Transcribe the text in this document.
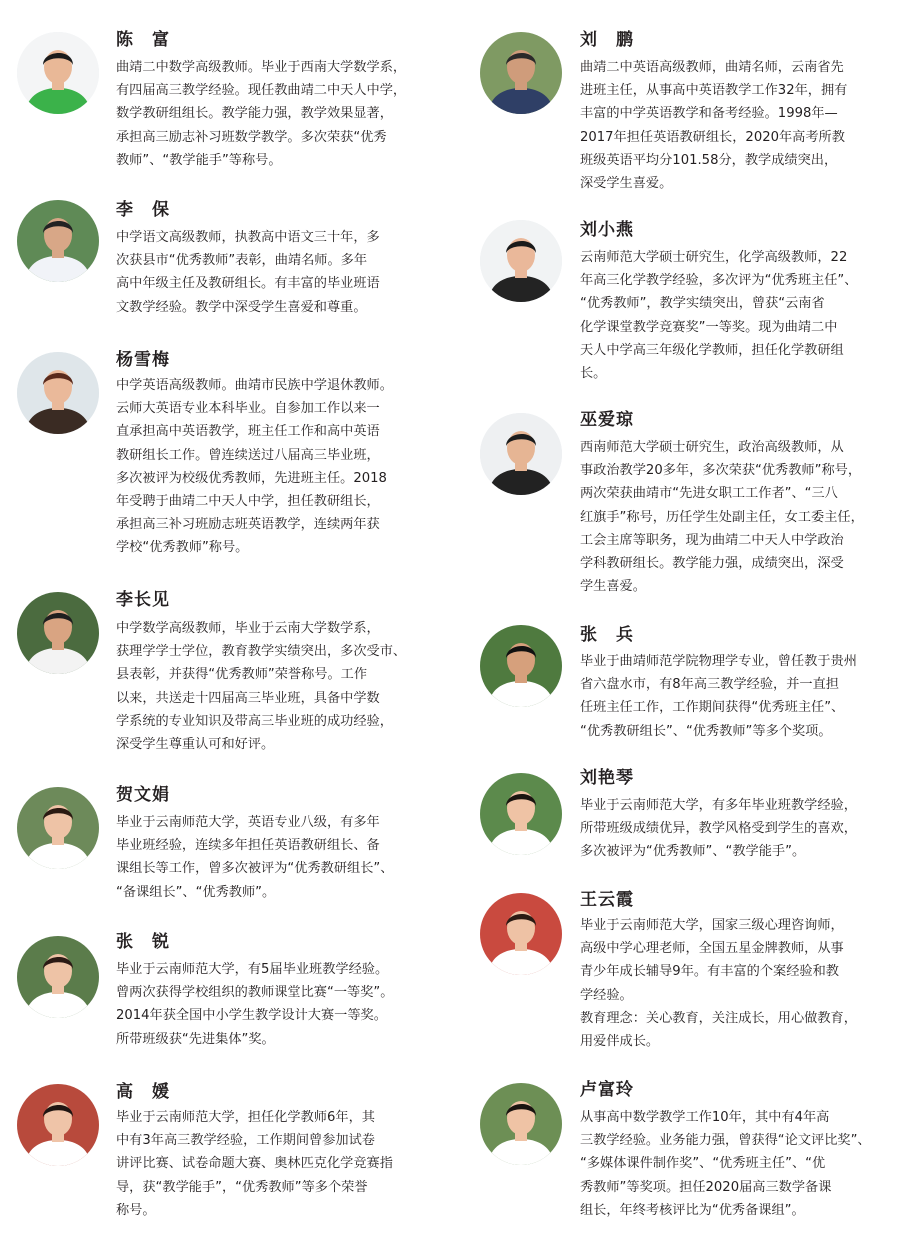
陈　富
曲靖二中数学高级教师。毕业于西南大学数学系，
有四届高三教学经验。现任教曲靖二中天人中学，
数学教研组组长。教学能力强，教学效果显著，
承担高三励志补习班数学教学。多次荣获“优秀
教师”、“教学能手”等称号。
李　保
中学语文高级教师，执教高中语文三十年，多
次获县市“优秀教师”表彰，曲靖名师。多年
高中年级主任及教研组长。有丰富的毕业班语
文教学经验。教学中深受学生喜爱和尊重。
杨雪梅
中学英语高级教师。曲靖市民族中学退休教师。
云师大英语专业本科毕业。自参加工作以来一
直承担高中英语教学，班主任工作和高中英语
教研组长工作。曾连续送过八届高三毕业班，
多次被评为校级优秀教师，先进班主任。2018
年受聘于曲靖二中天人中学，担任教研组长，
承担高三补习班励志班英语教学，连续两年获
学校“优秀教师”称号。
李长见
中学数学高级教师，毕业于云南大学数学系，
获理学学士学位，教育教学实绩突出，多次受市、
县表彰，并获得“优秀教师”荣誉称号。工作
以来，共送走十四届高三毕业班，具备中学数
学系统的专业知识及带高三毕业班的成功经验，
深受学生尊重认可和好评。
贺文娟
毕业于云南师范大学，英语专业八级，有多年
毕业班经验，连续多年担任英语教研组长、备
课组长等工作，曾多次被评为“优秀教研组长”、
“备课组长”、“优秀教师”。
张　锐
毕业于云南师范大学，有5届毕业班教学经验。
曾两次获得学校组织的教师课堂比赛“一等奖”。
2014年获全国中小学生教学设计大赛一等奖。
所带班级获“先进集体”奖。
高　媛
毕业于云南师范大学，担任化学教师6年，其
中有3年高三教学经验，工作期间曾参加试卷
讲评比赛、试卷命题大赛、奥林匹克化学竞赛指
导，获“教学能手”，“优秀教师”等多个荣誉
称号。
刘　鹏
曲靖二中英语高级教师，曲靖名师，云南省先
进班主任，从事高中英语教学工作32年，拥有
丰富的中学英语教学和备考经验。1998年—
2017年担任英语教研组长，2020年高考所教
班级英语平均分101.58分，教学成绩突出，
深受学生喜爱。
刘小燕
云南师范大学硕士研究生，化学高级教师，22
年高三化学教学经验，多次评为“优秀班主任”、
“优秀教师”，教学实绩突出，曾获“云南省
化学课堂教学竞赛奖”一等奖。现为曲靖二中
天人中学高三年级化学教师，担任化学教研组
长。
巫爱琼
西南师范大学硕士研究生，政治高级教师，从
事政治教学20多年，多次荣获“优秀教师”称号，
两次荣获曲靖市“先进女职工工作者”、“三八
红旗手”称号，历任学生处副主任，女工委主任，
工会主席等职务，现为曲靖二中天人中学政治
学科教研组长。教学能力强，成绩突出，深受
学生喜爱。
张　兵
毕业于曲靖师范学院物理学专业，曾任教于贵州
省六盘水市，有8年高三教学经验，并一直担
任班主任工作，工作期间获得“优秀班主任”、
“优秀教研组长”、“优秀教师”等多个奖项。
刘艳琴
毕业于云南师范大学，有多年毕业班教学经验，
所带班级成绩优异，教学风格受到学生的喜欢，
多次被评为“优秀教师”、“教学能手”。
王云霞
毕业于云南师范大学，国家三级心理咨询师，
高级中学心理老师，全国五星金牌教师，从事
青少年成长辅导9年。有丰富的个案经验和教
学经验。
教育理念：关心教育，关注成长，用心做教育，
用爱伴成长。
卢富玲
从事高中数学教学工作10年，其中有4年高
三教学经验。业务能力强，曾获得“论文评比奖”、
“多媒体课件制作奖”、“优秀班主任”、“优
秀教师”等奖项。担任2020届高三数学备课
组长，年终考核评比为“优秀备课组”。
